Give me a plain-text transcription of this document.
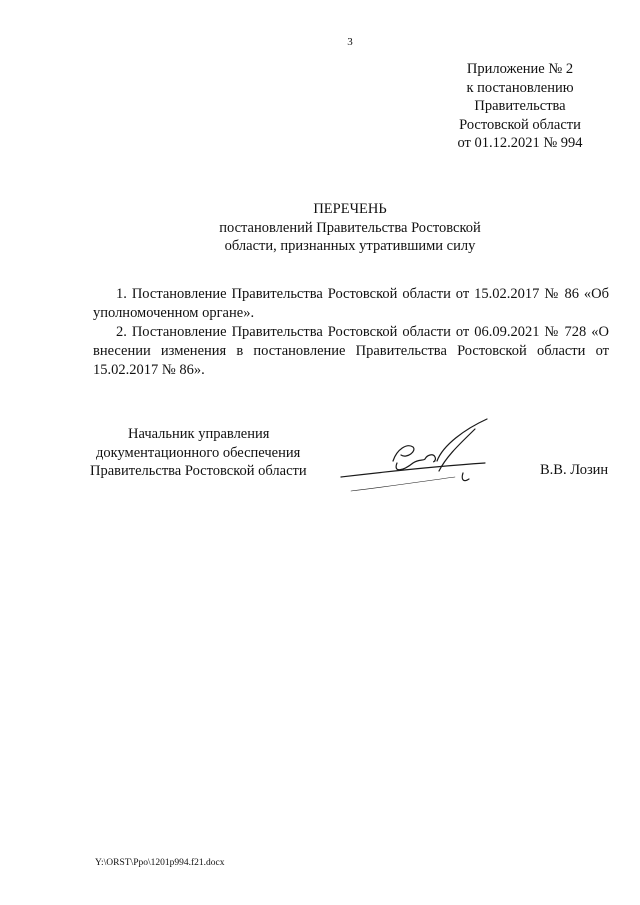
3
Приложение № 2
к постановлению
Правительства
Ростовской области
от 01.12.2021 № 994
ПЕРЕЧЕНЬ
постановлений Правительства Ростовской
области, признанных утратившими силу

1. Постановление Правительства Ростовской области от 15.02.2017 № 86 «Об уполномоченном органе».

2. Постановление Правительства Ростовской области от 06.09.2021 № 728 «О внесении изменения в постановление Правительства Ростовской области от 15.02.2017 № 86».

Начальник управления
документационного обеспечения
Правительства Ростовской области	В.В. Лозин
Y:\ORST\Ppo\1201p994.f21.docx
